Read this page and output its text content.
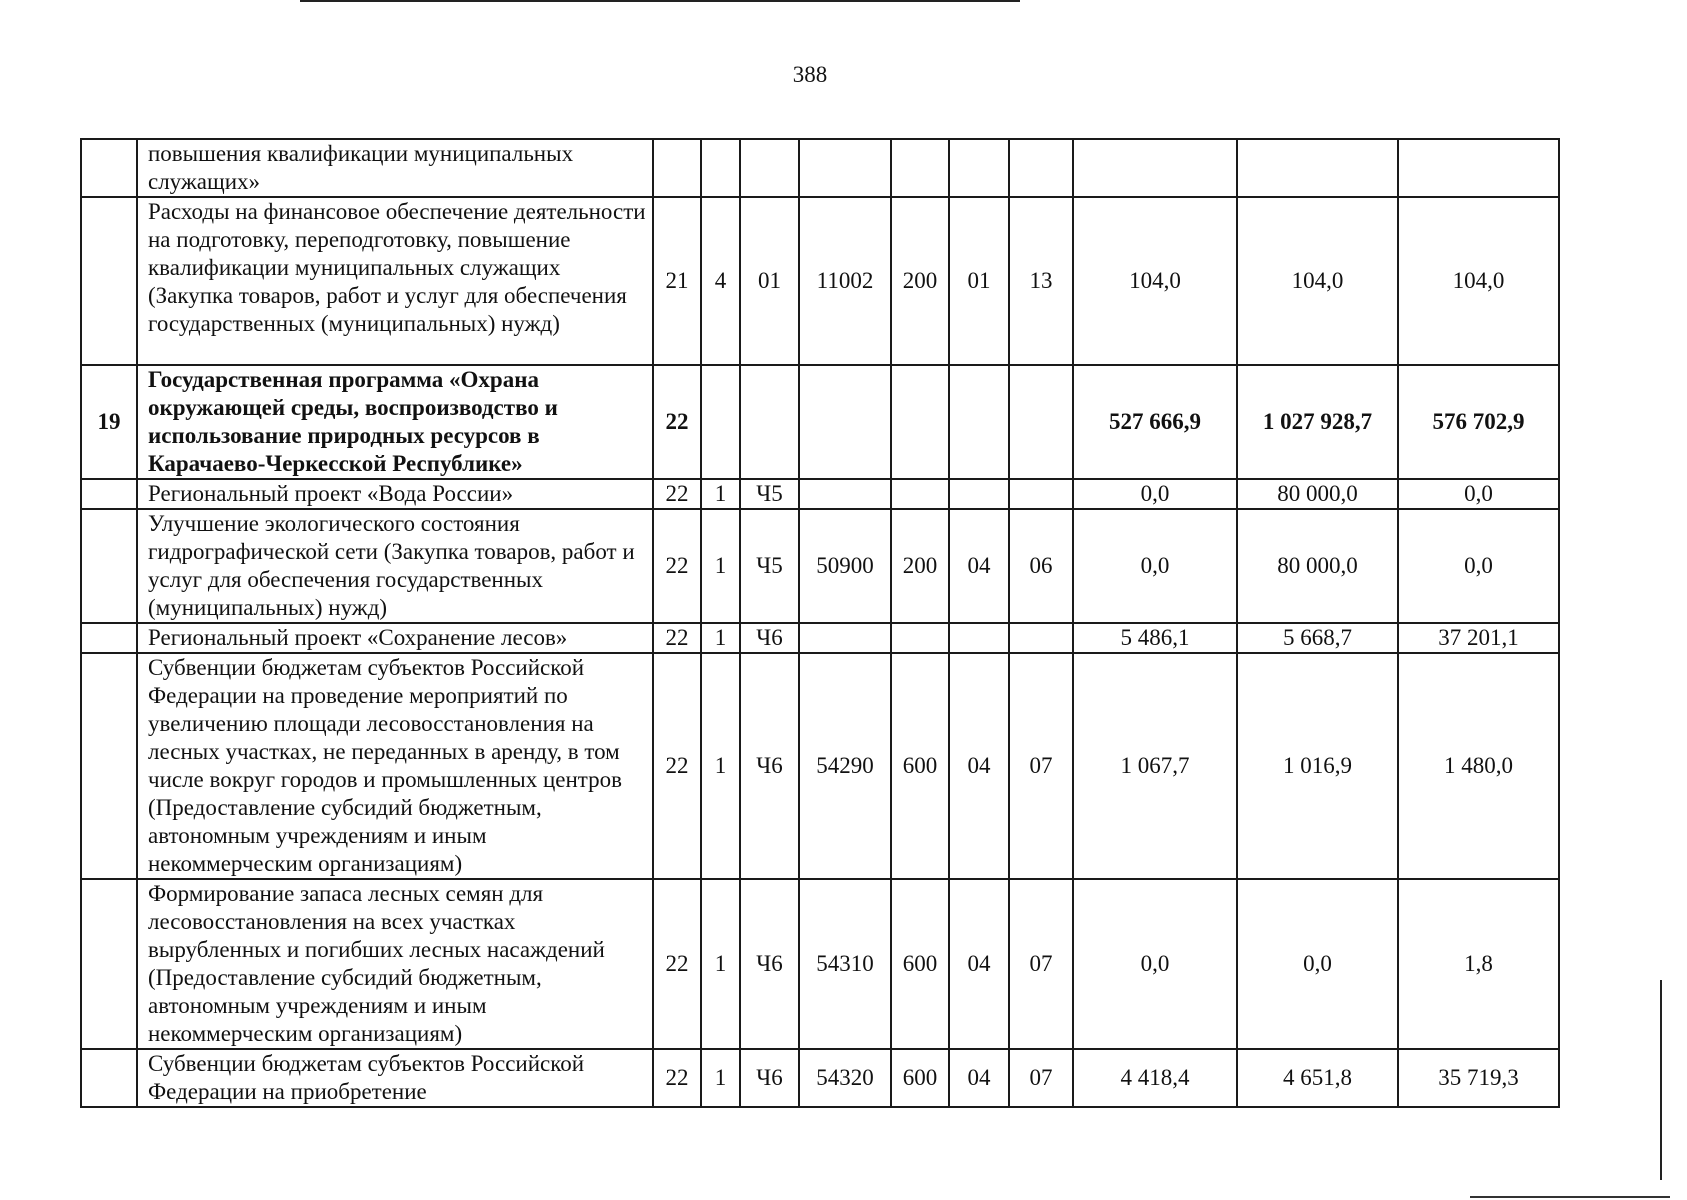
388
	повышения квалификации муниципальных служащих»										
	Расходы на финансовое обеспечение деятельности на подготовку, переподготовку, повышение квалификации муниципальных служащих (Закупка товаров, работ и услуг для обеспечения государственных (муниципальных) нужд)	21	4	01	11002	200	01	13	104,0	104,0	104,0
19	Государственная программа «Охрана окружающей среды, воспроизводство и использование природных ресурсов в Карачаево-Черкесской Республике»	22							527 666,9	1 027 928,7	576 702,9
	Региональный проект «Вода России»	22	1	Ч5					0,0	80 000,0	0,0
	Улучшение экологического состояния гидрографической сети (Закупка товаров, работ и услуг для обеспечения государственных (муниципальных) нужд)	22	1	Ч5	50900	200	04	06	0,0	80 000,0	0,0
	Региональный проект «Сохранение лесов»	22	1	Ч6					5 486,1	5 668,7	37 201,1
	Субвенции бюджетам субъектов Российской Федерации на проведение мероприятий по увеличению площади лесовосстановления на лесных участках, не переданных в аренду, в том числе вокруг городов и промышленных центров (Предоставление субсидий бюджетным, автономным учреждениям и иным некоммерческим организациям)	22	1	Ч6	54290	600	04	07	1 067,7	1 016,9	1 480,0
	Формирование запаса лесных семян для лесовосстановления на всех участках вырубленных и погибших лесных насаждений (Предоставление субсидий бюджетным, автономным учреждениям и иным некоммерческим организациям)	22	1	Ч6	54310	600	04	07	0,0	0,0	1,8
	Субвенции бюджетам субъектов Российской Федерации на приобретение	22	1	Ч6	54320	600	04	07	4 418,4	4 651,8	35 719,3
